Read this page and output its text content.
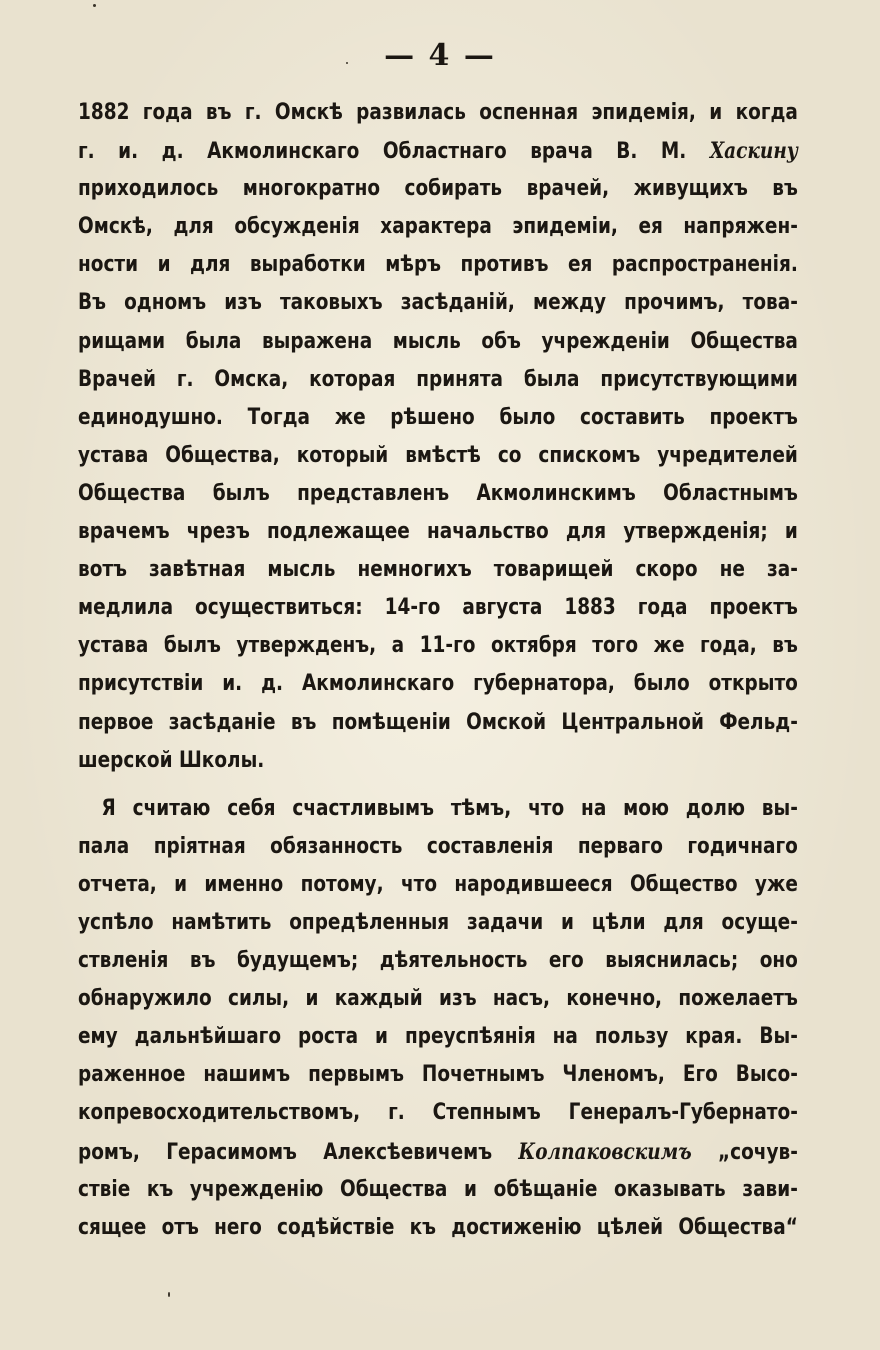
— 4 —
1882 года въ г. Омскѣ развилась оспенная эпидемія, и когда
г. и. д. Акмолинскаго Областнаго врача В. М. Хаскину
приходилось многократно собирать врачей, живущихъ въ
Омскѣ, для обсужденія характера эпидеміи, ея напряжен-
ности и для выработки мѣръ противъ ея распространенія.
Въ одномъ изъ таковыхъ засѣданій, между прочимъ, това-
рищами была выражена мысль объ учрежденіи Общества
Врачей г. Омска, которая принята была присутствующими
единодушно. Тогда же рѣшено было составить проектъ
устава Общества, который вмѣстѣ со спискомъ учредителей
Общества былъ представленъ Акмолинскимъ Областнымъ
врачемъ чрезъ подлежащее начальство для утвержденія; и
вотъ завѣтная мысль немногихъ товарищей скоро не за-
медлила осуществиться: 14-го августа 1883 года проектъ
устава былъ утвержденъ, а 11-го октября того же года, въ
присутствіи и. д. Акмолинскаго губернатора, было открыто
первое засѣданіе въ помѣщеніи Омской Центральной Фельд-
шерской Школы.
Я считаю себя счастливымъ тѣмъ, что на мою долю вы-
пала пріятная обязанность составленія перваго годичнаго
отчета, и именно потому, что народившееся Общество уже
успѣло намѣтить опредѣленныя задачи и цѣли для осуще-
ствленія въ будущемъ; дѣятельность его выяснилась; оно
обнаружило силы, и каждый изъ насъ, конечно, пожелаетъ
ему дальнѣйшаго роста и преуспѣянія на пользу края. Вы-
раженное нашимъ первымъ Почетнымъ Членомъ, Его Высо-
копревосходительствомъ, г. Степнымъ Генералъ-Губернато-
ромъ, Герасимомъ Алексѣевичемъ Колпаковскимъ „сочув-
ствіе къ учрежденію Общества и обѣщаніе оказывать зави-
сящее отъ него содѣйствіе къ достиженію цѣлей Общества“
